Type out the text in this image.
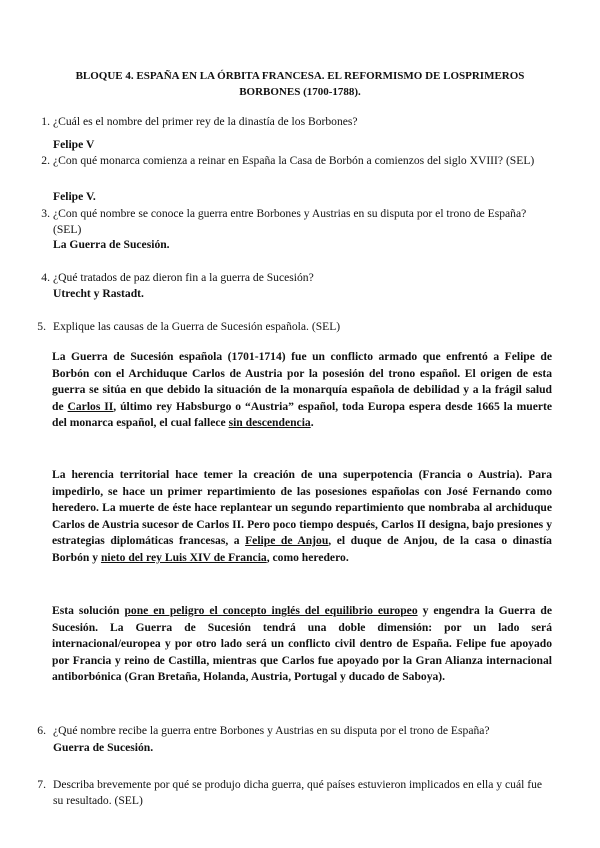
BLOQUE 4. ESPAÑA EN LA ÓRBITA FRANCESA. EL REFORMISMO DE LOSPRIMEROS
BORBONES (1700-1788).
1. ¿Cuál es el nombre del primer rey de la dinastía de los Borbones?
Felipe V
2. ¿Con qué monarca comienza a reinar en España la Casa de Borbón a comienzos del siglo XVIII? (SEL)
Felipe V.
3. ¿Con qué nombre se conoce la guerra entre Borbones y Austrias en su disputa por el trono de España? (SEL)
La Guerra de Sucesión.
4. ¿Qué tratados de paz dieron fin a la guerra de Sucesión?
Utrecht y Rastadt.
5. Explique las causas de la Guerra de Sucesión española. (SEL)
La Guerra de Sucesión española (1701-1714) fue un conflicto armado que enfrentó a Felipe de Borbón con el Archiduque Carlos de Austria por la posesión del trono español. El origen de esta guerra se sitúa en que debido la situación de la monarquía española de debilidad y a la frágil salud de Carlos II, último rey Habsburgo o “Austria” español, toda Europa espera desde 1665 la muerte del monarca español, el cual fallece sin descendencia.
La herencia territorial hace temer la creación de una superpotencia (Francia o Austria). Para impedirlo, se hace un primer repartimiento de las posesiones españolas con José Fernando como heredero. La muerte de éste hace replantear un segundo repartimiento que nombraba al archiduque Carlos de Austria sucesor de Carlos II. Pero poco tiempo después, Carlos II designa, bajo presiones y estrategias diplomáticas francesas, a Felipe de Anjou, el duque de Anjou, de la casa o dinastía Borbón y nieto del rey Luis XIV de Francia, como heredero.
Esta solución pone en peligro el concepto inglés del equilibrio europeo y engendra la Guerra de Sucesión. La Guerra de Sucesión tendrá una doble dimensión: por un lado será internacional/europea y por otro lado será un conflicto civil dentro de España. Felipe fue apoyado por Francia y reino de Castilla, mientras que Carlos fue apoyado por la Gran Alianza internacional antiborbónica (Gran Bretaña, Holanda, Austria, Portugal y ducado de Saboya).
6. ¿Qué nombre recibe la guerra entre Borbones y Austrias en su disputa por el trono de España?
Guerra de Sucesión.
7. Describa brevemente por qué se produjo dicha guerra, qué países estuvieron implicados en ella y cuál fue su resultado. (SEL)
